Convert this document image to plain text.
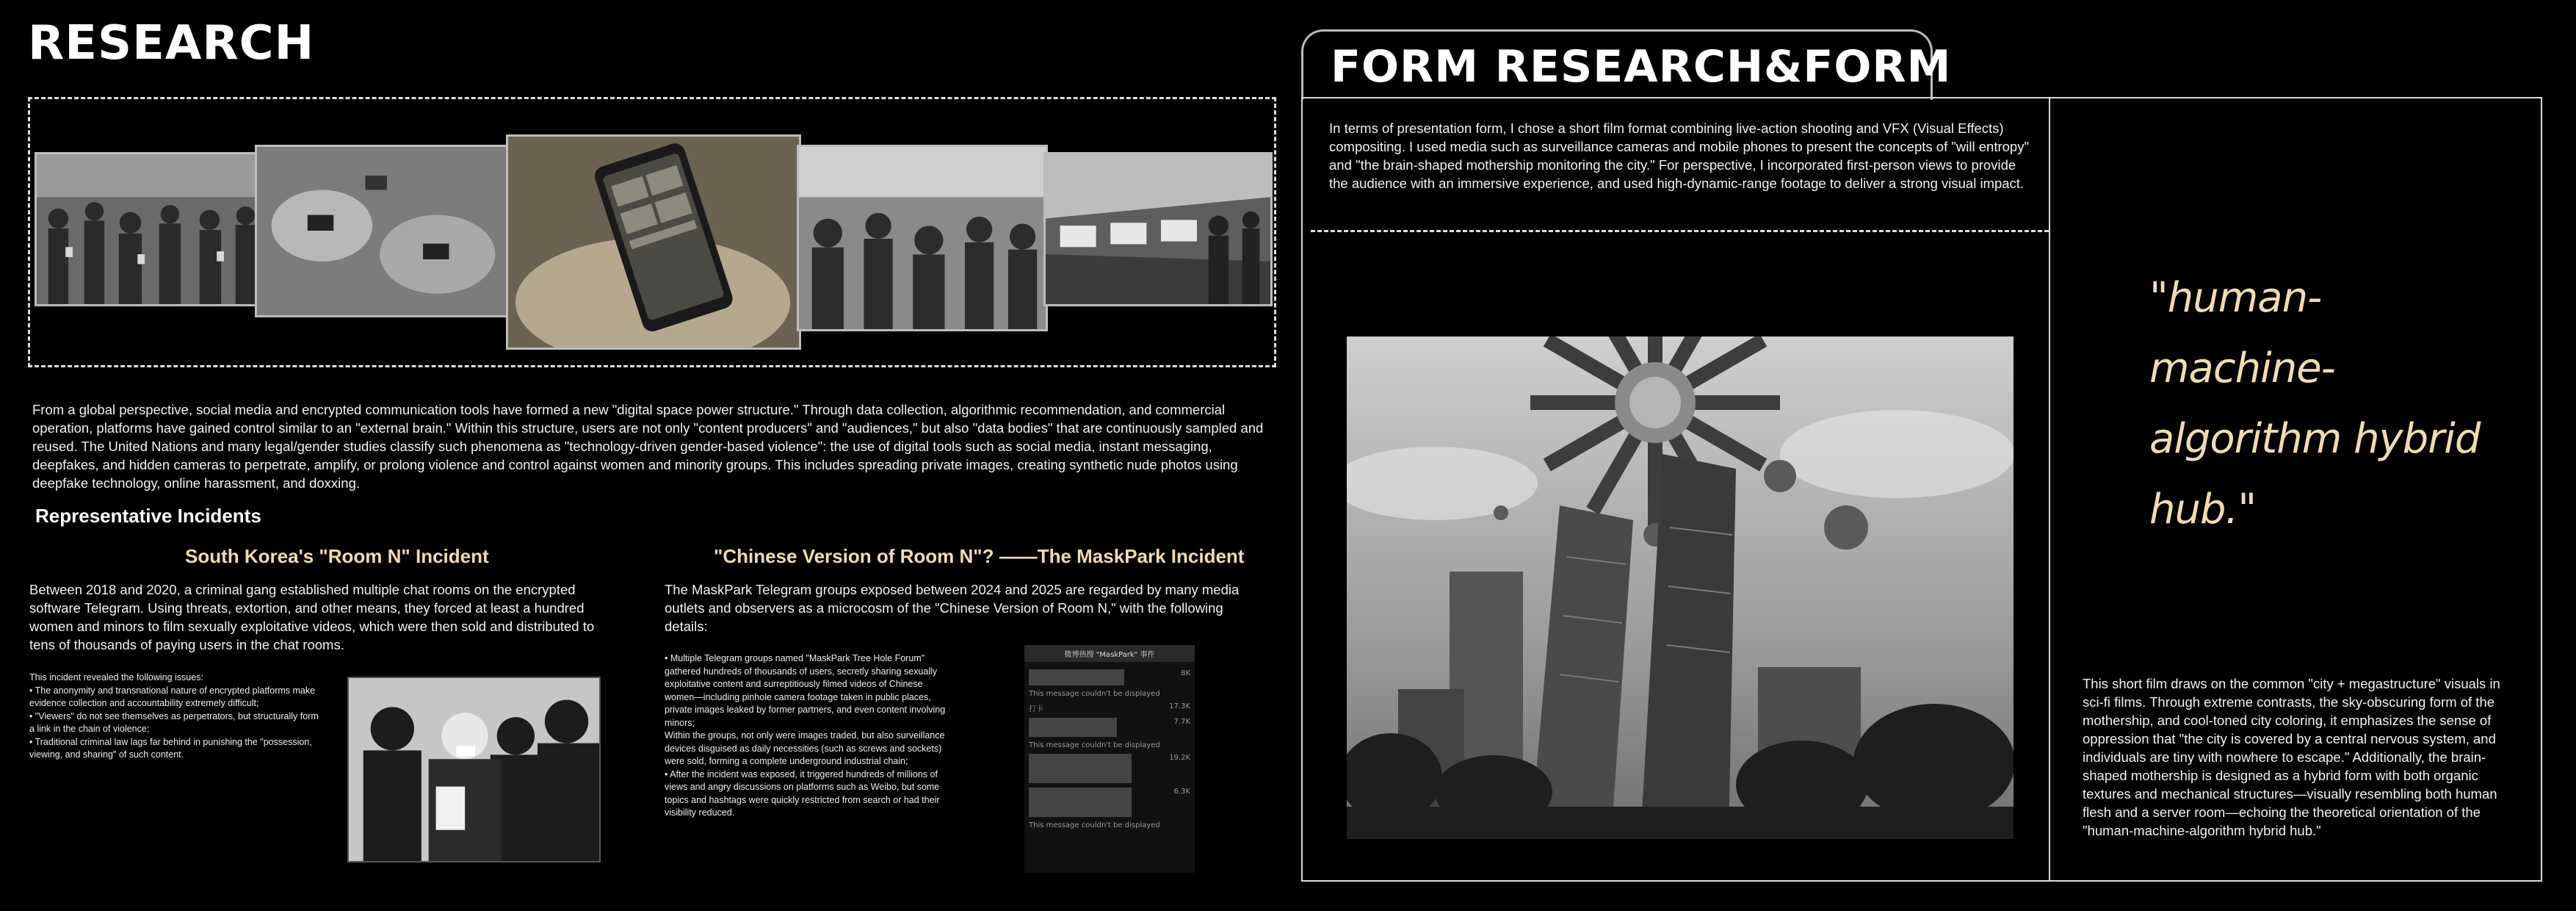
RESEARCH
From a global perspective, social media and encrypted communication tools have formed a new "digital space power structure." Through data collection, algorithmic recommendation, and commercial operation, platforms have gained control similar to an "external brain." Within this structure, users are not only "content producers" and "audiences," but also "data bodies" that are continuously sampled and reused. The United Nations and many legal/gender studies classify such phenomena as "technology-driven gender-based violence": the use of digital tools such as social media, instant messaging, deepfakes, and hidden cameras to perpetrate, amplify, or prolong violence and control against women and minority groups. This includes spreading private images, creating synthetic nude photos using deepfake technology, online harassment, and doxxing.
Representative Incidents
South Korea's "Room N" Incident	"Chinese Version of Room N"? ——The MaskPark Incident
Between 2018 and 2020, a criminal gang established multiple chat rooms on the encrypted software Telegram. Using threats, extortion, and other means, they forced at least a hundred women and minors to film sexually exploitative videos, which were then sold and distributed to tens of thousands of paying users in the chat rooms.
The MaskPark Telegram groups exposed between 2024 and 2025 are regarded by many media outlets and observers as a microcosm of the "Chinese Version of Room N," with the following details:
This incident revealed the following issues:
• The anonymity and transnational nature of encrypted platforms make evidence collection and accountability extremely difficult;
• "Viewers" do not see themselves as perpetrators, but structurally form a link in the chain of violence;
• Traditional criminal law lags far behind in punishing the "possession, viewing, and sharing" of such content.
• Multiple Telegram groups named "MaskPark Tree Hole Forum" gathered hundreds of thousands of users, secretly sharing sexually exploitative content and surreptitiously filmed videos of Chinese women—including pinhole camera footage taken in public places, private images leaked by former partners, and even content involving minors;
Within the groups, not only were images traded, but also surveillance devices disguised as daily necessities (such as screws and sockets) were sold, forming a complete underground industrial chain;
• After the incident was exposed, it triggered hundreds of millions of views and angry discussions on platforms such as Weibo, but some topics and hashtags were quickly restricted from search or had their visibility reduced.
微博热搜 "MaskPark" 事件
8K
This message couldn't be displayed
打卡	17.3K
7.7K
This message couldn't be displayed
19.2K
6.3K
This message couldn't be displayed
FORM RESEARCH&FORM
In terms of presentation form, I chose a short film format combining live-action shooting and VFX (Visual Effects) compositing. I used media such as surveillance cameras and mobile phones to present the concepts of "will entropy" and "the brain-shaped mothership monitoring the city." For perspective, I incorporated first-person views to provide the audience with an immersive experience, and used high-dynamic-range footage to deliver a strong visual impact.
"human-machine-algorithm hybrid hub."
This short film draws on the common "city + megastructure" visuals in sci-fi films. Through extreme contrasts, the sky-obscuring form of the mothership, and cool-toned city coloring, it emphasizes the sense of oppression that "the city is covered by a central nervous system, and individuals are tiny with nowhere to escape." Additionally, the brain-shaped mothership is designed as a hybrid form with both organic textures and mechanical structures—visually resembling both human flesh and a server room—echoing the theoretical orientation of the "human-machine-algorithm hybrid hub."
